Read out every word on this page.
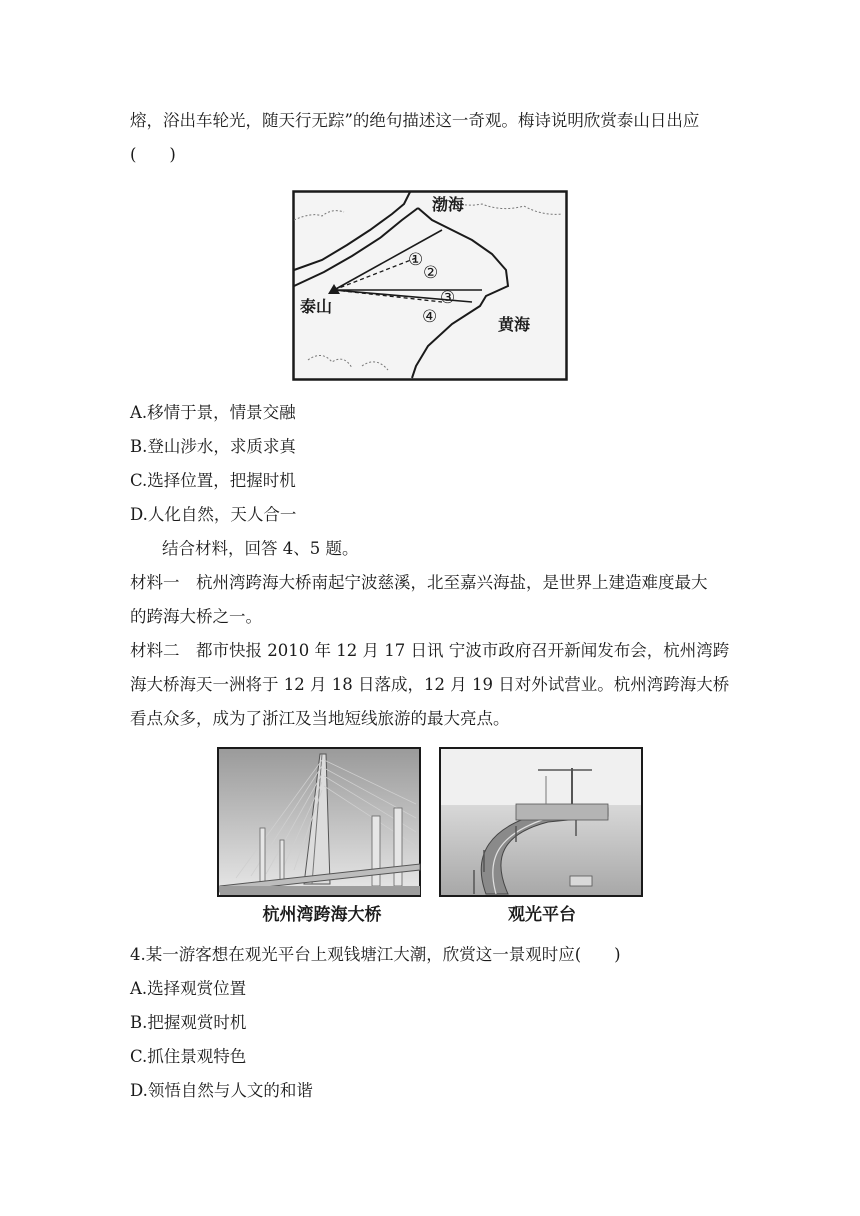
熔，浴出车轮光，随天行无踪”的绝句描述这一奇观。梅诗说明欣赏泰山日出应
(　　)
渤海
黄海
泰山
①
②
③
④
A.移情于景，情景交融
B.登山涉水，求质求真
C.选择位置，把握时机
D.人化自然，天人合一
结合材料，回答 4、5 题。
材料一　杭州湾跨海大桥南起宁波慈溪，北至嘉兴海盐，是世界上建造难度最大
的跨海大桥之一。
材料二　都市快报 2010 年 12 月 17 日讯 宁波市政府召开新闻发布会，杭州湾跨
海大桥海天一洲将于 12 月 18 日落成，12 月 19 日对外试营业。杭州湾跨海大桥
看点众多，成为了浙江及当地短线旅游的最大亮点。
杭州湾跨海大桥	观光平台
4.某一游客想在观光平台上观钱塘江大潮，欣赏这一景观时应(　　)
A.选择观赏位置
B.把握观赏时机
C.抓住景观特色
D.领悟自然与人文的和谐
